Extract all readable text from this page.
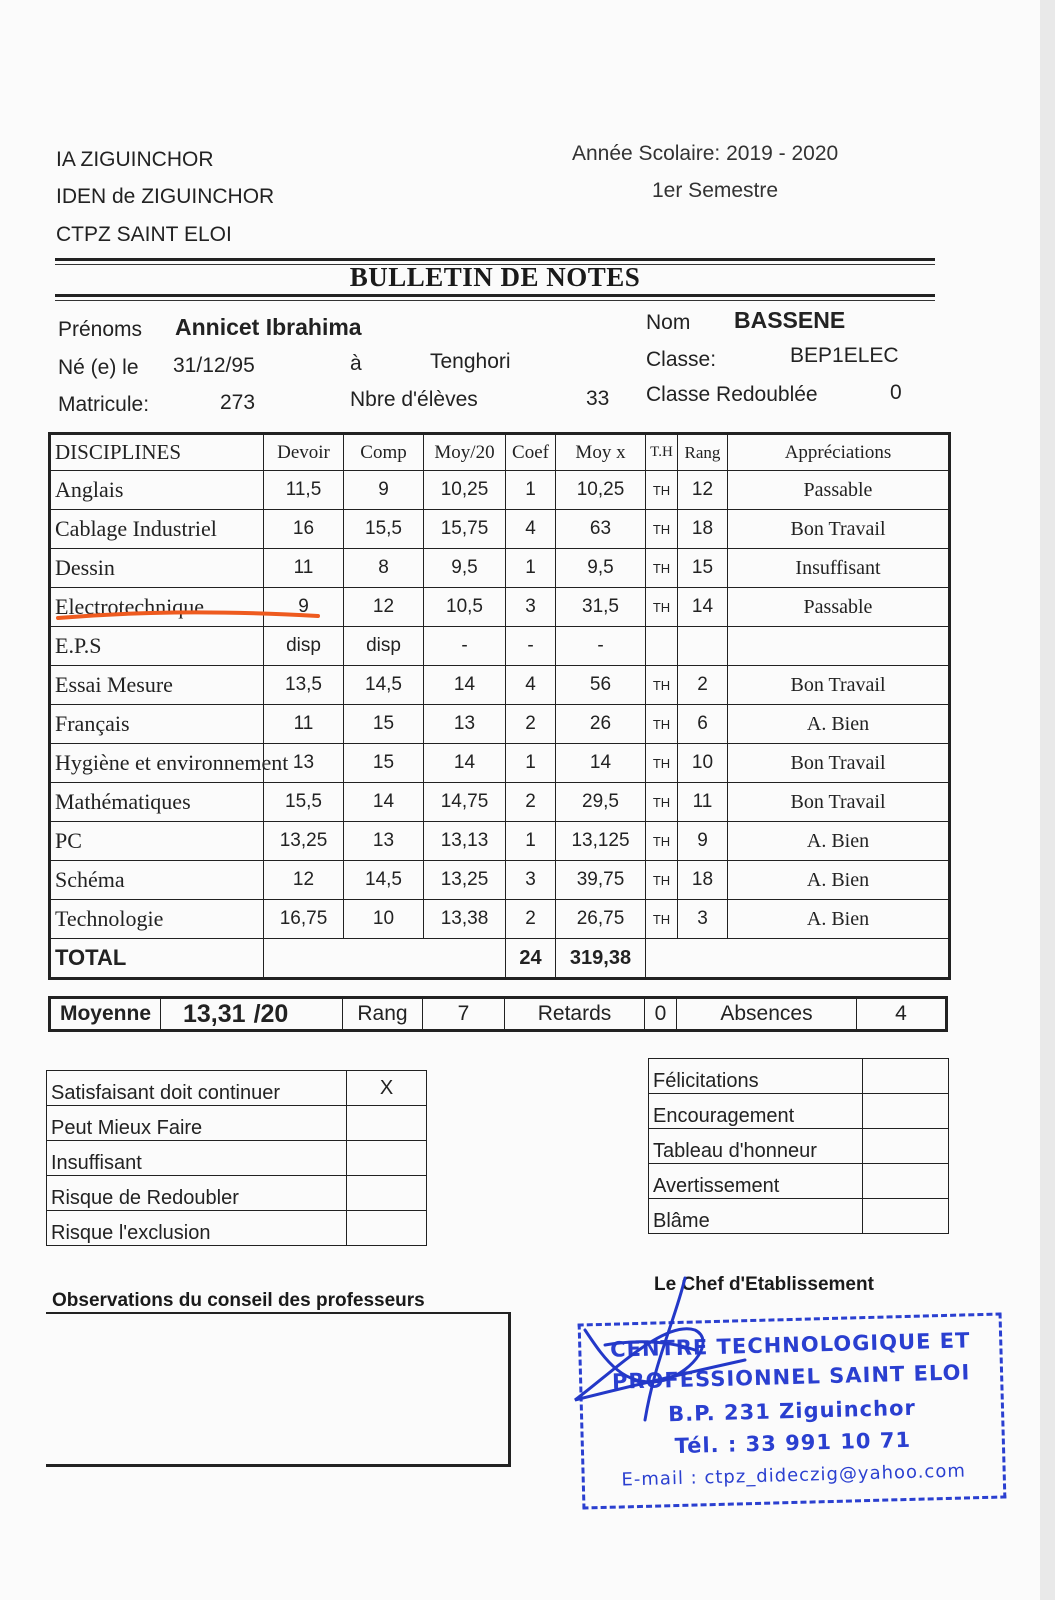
IA ZIGUINCHOR
IDEN de ZIGUINCHOR
CTPZ SAINT ELOI
Année Scolaire: 2019 - 2020
1er Semestre
BULLETIN DE NOTES
Prénoms Annicet Ibrahima	Nom BASSENE
Né (e) le 31/12/95	à	Tenghori	Classe:	BEP1ELEC
Matricule:	273	Nbre d'élèves	33 Classe Redoublée	0
DISCIPLINES	Devoir	Comp	Moy/20	Coef	Moy x	T.H	Rang	Appréciations
Anglais	11,5	9	10,25	1	10,25	TH	12	Passable
Cablage Industriel	16	15,5	15,75	4	63	TH	18	Bon Travail
Dessin	11	8	9,5	1	9,5	TH	15	Insuffisant
Electrotechnique	9	12	10,5	3	31,5	TH	14	Passable
E.P.S	disp	disp	-	-	-			
Essai Mesure	13,5	14,5	14	4	56	TH	2	Bon Travail
Français	11	15	13	2	26	TH	6	A. Bien
Hygiène et environnement	13	15	14	1	14	TH	10	Bon Travail
Mathématiques	15,5	14	14,75	2	29,5	TH	11	Bon Travail
PC	13,25	13	13,13	1	13,125	TH	9	A. Bien
Schéma	12	14,5	13,25	3	39,75	TH	18	A. Bien
Technologie	16,75	10	13,38	2	26,75	TH	3	A. Bien
TOTAL				24	319,38			
Moyenne	13,31 /20	Rang	7	Retards	0	Absences	4
Satisfaisant doit continuer	X
Peut Mieux Faire	
Insuffisant	
Risque de Redoubler	
Risque l'exclusion	
Félicitations	
Encouragement	
Tableau d'honneur	
Avertissement	
Blâme	
Observations du conseil des professeurs
Le Chef d'Etablissement
CENTRE TECHNOLOGIQUE ET
PROFESSIONNEL SAINT ELOI
B.P. 231 Ziguinchor
Tél. : 33 991 10 71
E-mail : ctpz_dideczig@yahoo.com
